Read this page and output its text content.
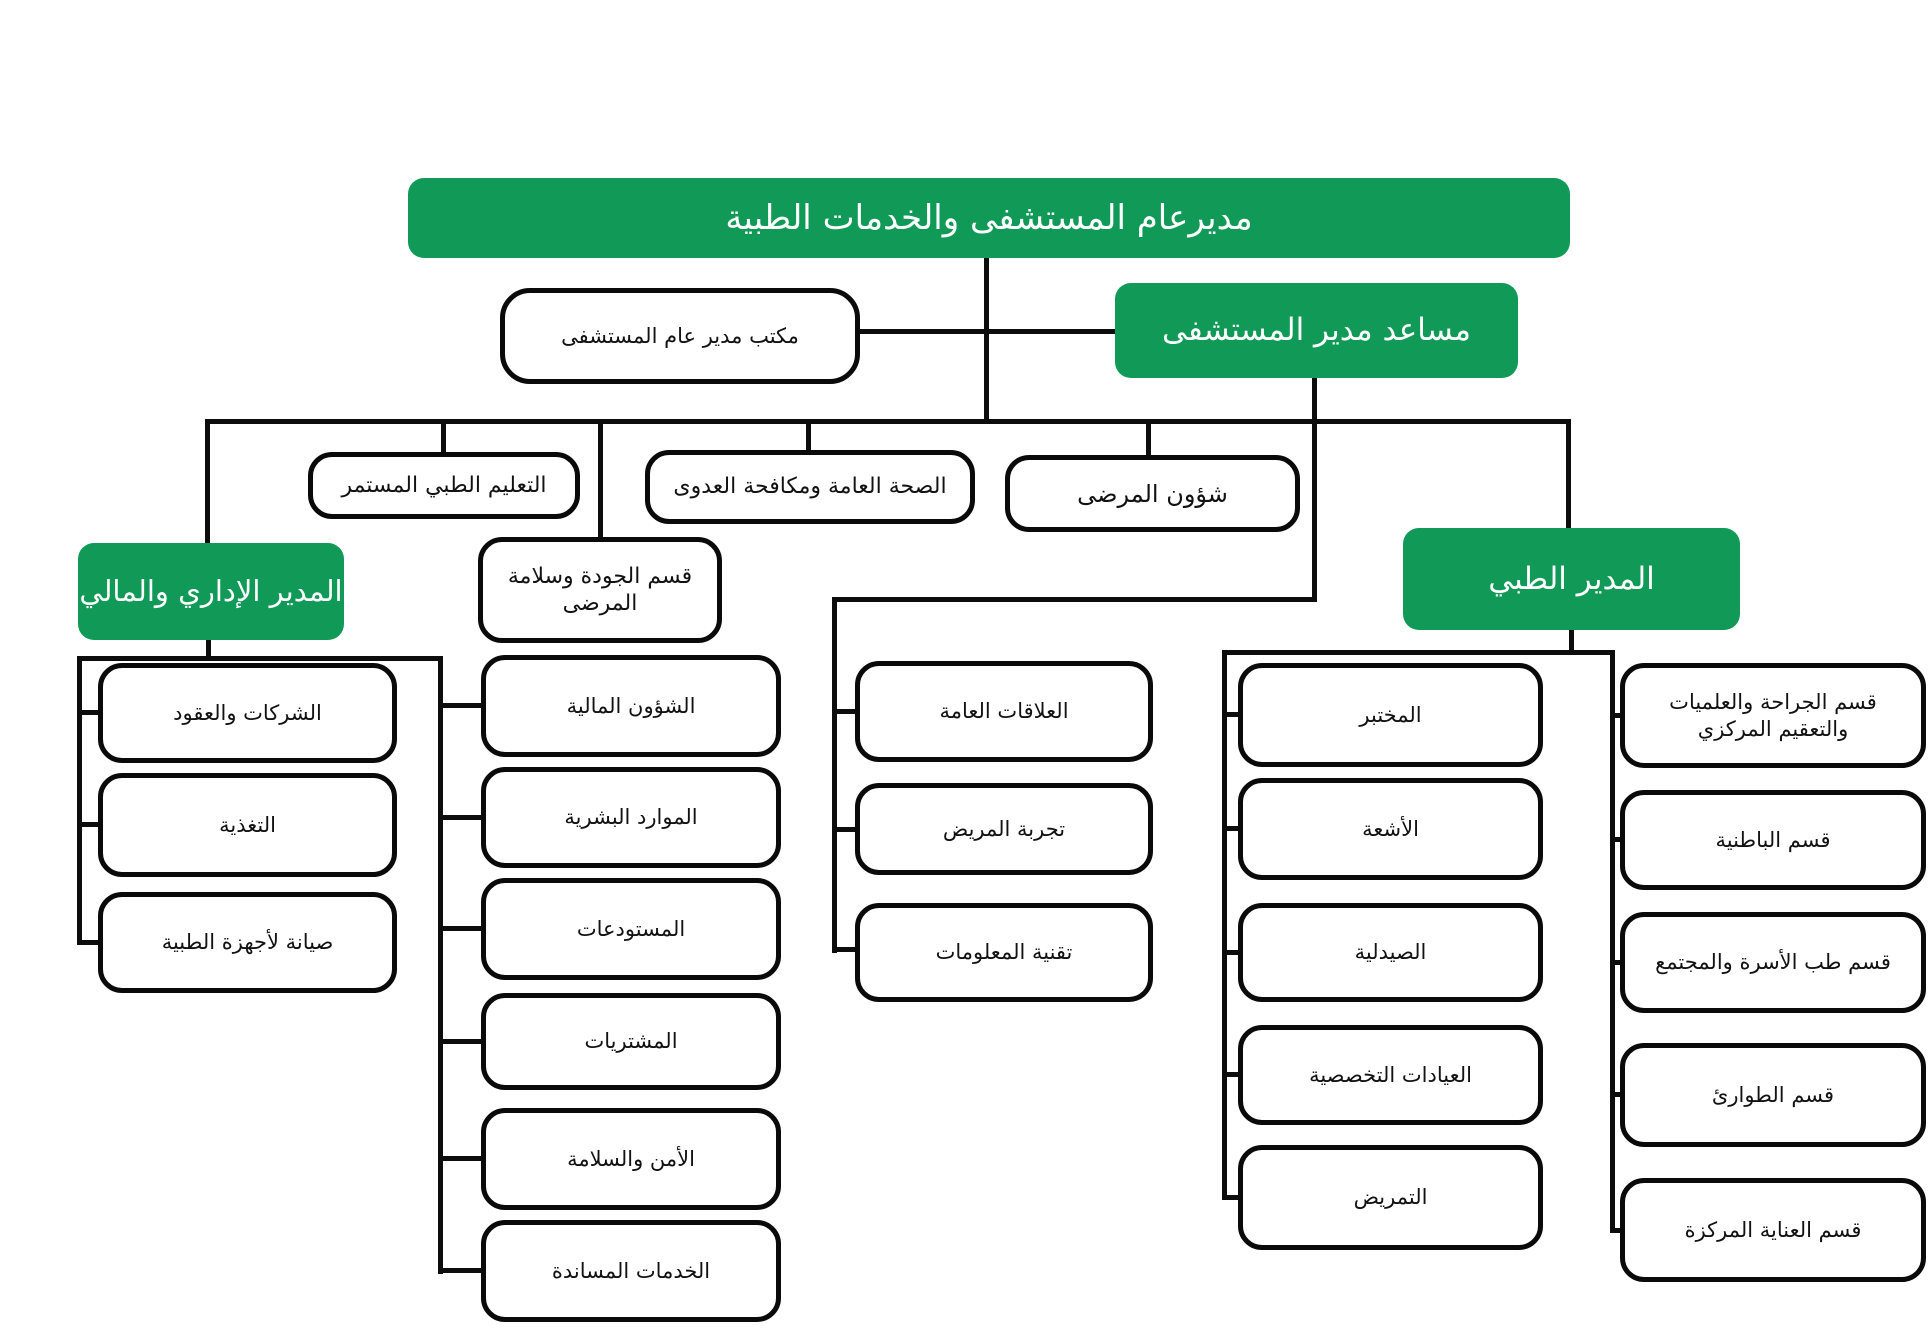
مديرعام المستشفى والخدمات الطبية
مكتب مدير عام المستشفى	مساعد مدير المستشفى
التعليم الطبي المستمر	الصحة العامة ومكافحة العدوى	شؤون المرضى
المدير الإداري والمالي	قسم الجودة وسلامة المرضى
المدير الطبي
الشركات والعقود
التغذية
صيانة لأجهزة الطبية
الشؤون المالية
الموارد البشرية
المستودعات
المشتريات
الأمن والسلامة
الخدمات المساندة
العلاقات العامة
تجربة المريض
تقنية المعلومات
المختبر
الأشعة
الصيدلية
العيادات التخصصية
التمريض
قسم الجراحة والعلميات والتعقيم المركزي
قسم الباطنية
قسم طب الأسرة والمجتمع
قسم الطوارئ
قسم العناية المركزة
